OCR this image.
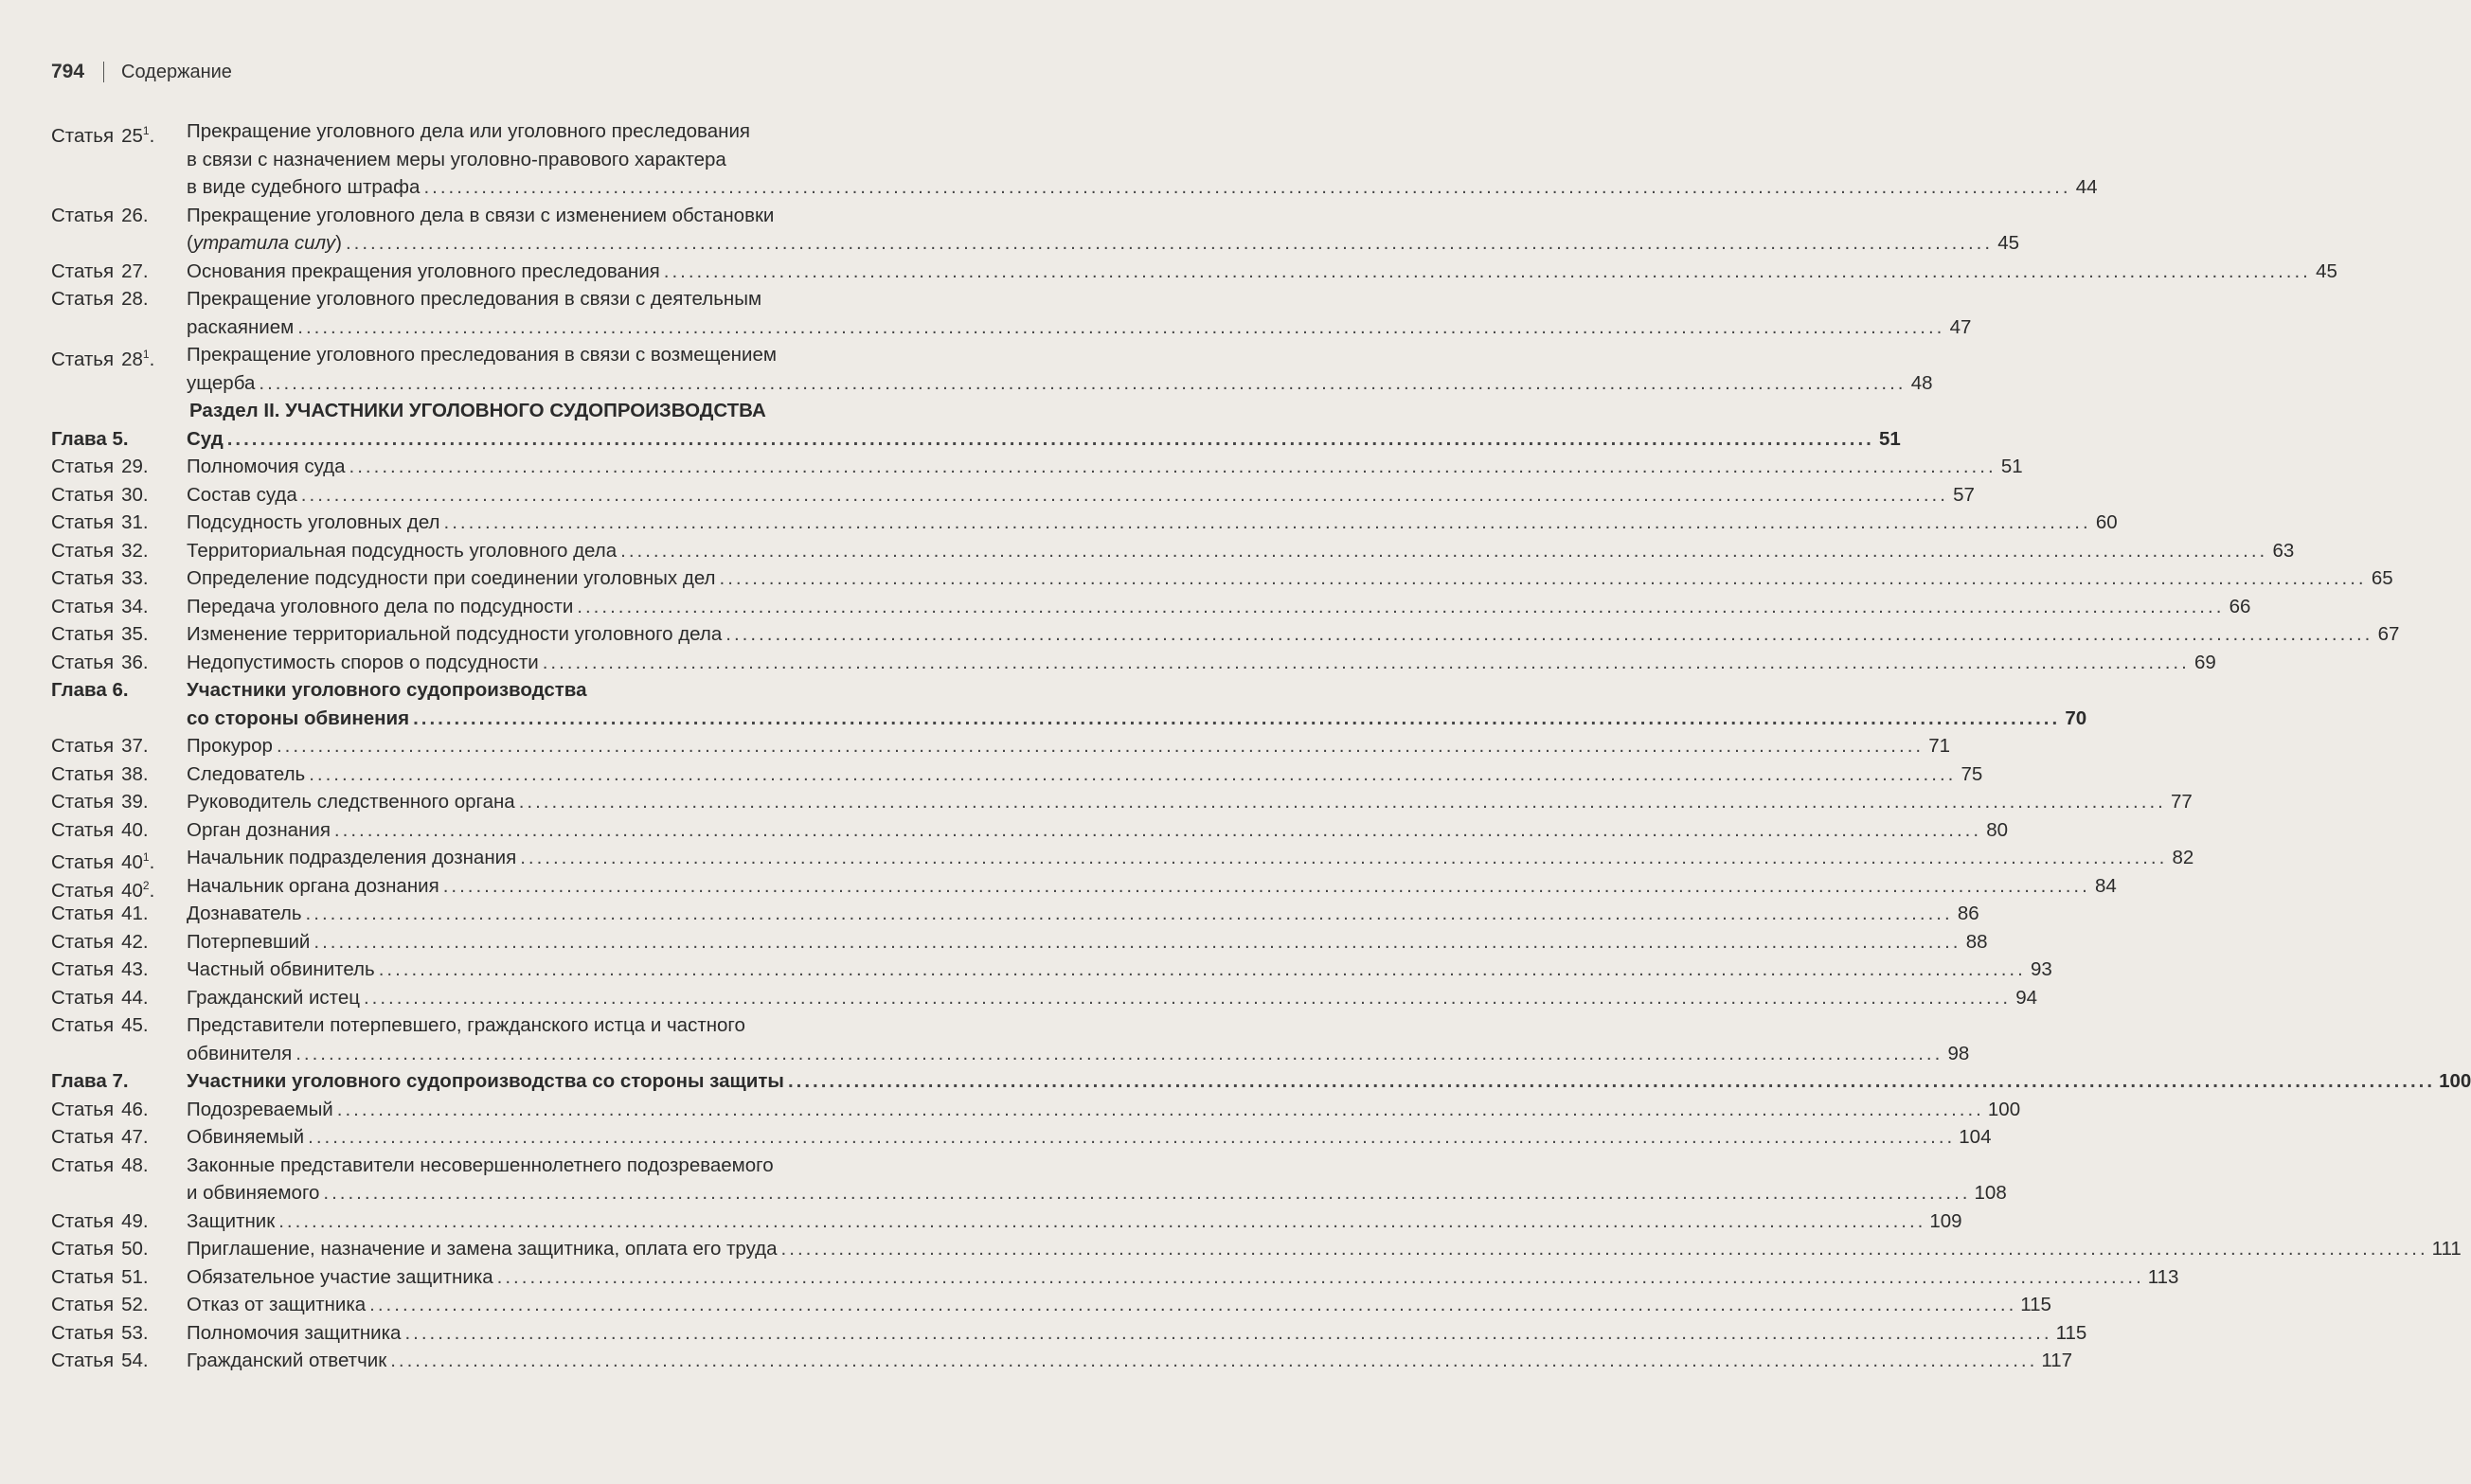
794 Содержание
Раздел II. УЧАСТНИКИ УГОЛОВНОГО СУДОПРОИЗВОДСТВА
Статья $25^1$. Прекращение уголовного дела или уголовного преследования
в связи с назначением меры уголовно-правового характера
в виде судебного штрафа ........................................................................................................................................................................................................ 44
Статья 26. Прекращение уголовного дела в связи с изменением обстановки
(утратила силу) ........................................................................................................................................................................................................ 45
Статья 27. Основания прекращения уголовного преследования ........................................................................................................................................................................................................ 45
Статья 28. Прекращение уголовного преследования в связи с деятельным
раскаянием ........................................................................................................................................................................................................ 47
Статья $28^1$. Прекращение уголовного преследования в связи с возмещением
ущерба ........................................................................................................................................................................................................ 48
Глава 5.	Суд ........................................................................................................................................................................................................ 51
Статья 29. Полномочия суда ........................................................................................................................................................................................................ 51
Статья 30. Состав суда ........................................................................................................................................................................................................ 57
Статья 31. Подсудность уголовных дел ........................................................................................................................................................................................................ 60
Статья 32. Территориальная подсудность уголовного дела ........................................................................................................................................................................................................ 63
Статья 33. Определение подсудности при соединении уголовных дел ........................................................................................................................................................................................................ 65
Статья 34. Передача уголовного дела по подсудности ........................................................................................................................................................................................................ 66
Статья 35. Изменение территориальной подсудности уголовного дела ........................................................................................................................................................................................................ 67
Статья 36. Недопустимость споров о подсудности ........................................................................................................................................................................................................ 69
Глава 6.	Участники уголовного судопроизводства
со стороны обвинения ........................................................................................................................................................................................................ 70
Статья 37. Прокурор ........................................................................................................................................................................................................ 71
Статья 38. Следователь ........................................................................................................................................................................................................ 75
Статья 39. Руководитель следственного органа ........................................................................................................................................................................................................ 77
Статья 40. Орган дознания ........................................................................................................................................................................................................ 80
Статья $40^1$. Начальник подразделения дознания ........................................................................................................................................................................................................ 82
Статья $40^2$. Начальник органа дознания ........................................................................................................................................................................................................ 84
Статья 41. Дознаватель ........................................................................................................................................................................................................ 86
Статья 42. Потерпевший ........................................................................................................................................................................................................ 88
Статья 43. Частный обвинитель ........................................................................................................................................................................................................ 93
Статья 44. Гражданский истец ........................................................................................................................................................................................................ 94
Статья 45. Представители потерпевшего, гражданского истца и частного
обвинителя ........................................................................................................................................................................................................ 98
Глава 7.	Участники уголовного судопроизводства со стороны защиты ........................................................................................................................................................................................................ 100
Статья 46. Подозреваемый ........................................................................................................................................................................................................ 100
Статья 47. Обвиняемый ........................................................................................................................................................................................................ 104
Статья 48. Законные представители несовершеннолетнего подозреваемого
и обвиняемого ........................................................................................................................................................................................................ 108
Статья 49. Защитник ........................................................................................................................................................................................................ 109
Статья 50. Приглашение, назначение и замена защитника, оплата его труда ........................................................................................................................................................................................................ 111
Статья 51. Обязательное участие защитника ........................................................................................................................................................................................................ 113
Статья 52. Отказ от защитника ........................................................................................................................................................................................................ 115
Статья 53. Полномочия защитника ........................................................................................................................................................................................................ 115
Статья 54. Гражданский ответчик ........................................................................................................................................................................................................ 117
